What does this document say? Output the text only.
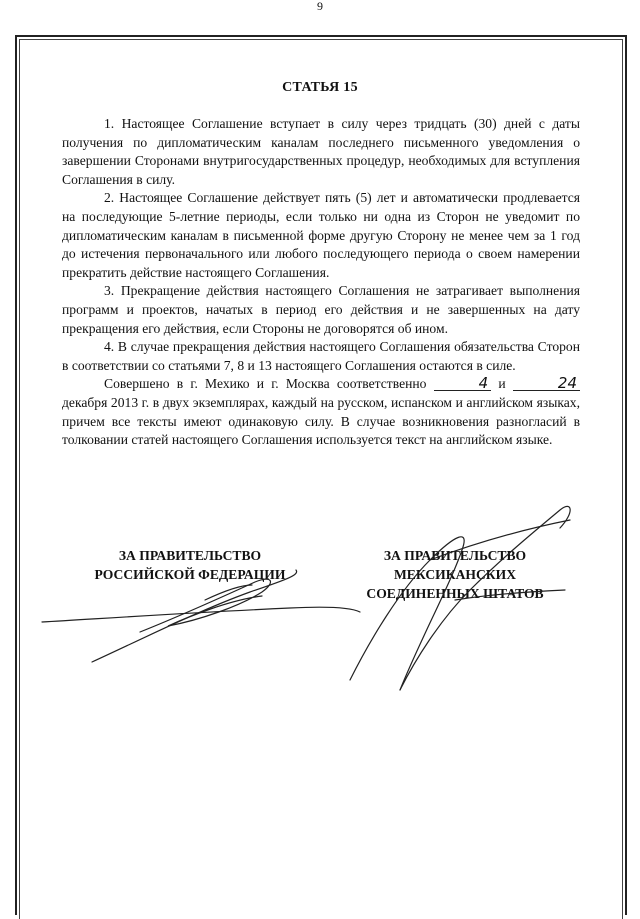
9
СТАТЬЯ 15

1. Настоящее Соглашение вступает в силу через тридцать (30) дней с даты получения по дипломатическим каналам последнего письменного уведомления о завершении Сторонами внутригосударственных процедур, необходимых для вступления Соглашения в силу.

2. Настоящее Соглашение действует пять (5) лет и автоматически продлевается на последующие 5-летние периоды, если только ни одна из Сторон не уведомит по дипломатическим каналам в письменной форме другую Сторону не менее чем за 1 год до истечения первоначального или любого последующего периода о своем намерении прекратить действие настоящего Соглашения.

3. Прекращение действия настоящего Соглашения не затрагивает выполнения программ и проектов, начатых в период его действия и не завершенных на дату прекращения его действия, если Стороны не договорятся об ином.

4. В случае прекращения действия настоящего Соглашения обязательства Сторон в соответствии со статьями 7, 8 и 13 настоящего Соглашения остаются в силе.

Совершено в г. Мехико и г. Москва соответственно	4 и	24 декабря 2013 г. в двух экземплярах, каждый на русском, испанском и английском языках, причем все тексты имеют одинаковую силу. В случае возникновения разногласий в толковании статей настоящего Соглашения используется текст на английском языке.

ЗА ПРАВИТЕЛЬСТВО
РОССИЙСКОЙ ФЕДЕРАЦИИ
ЗА ПРАВИТЕЛЬСТВО
МЕКСИКАНСКИХ
СОЕДИНЕННЫХ ШТАТОВ
